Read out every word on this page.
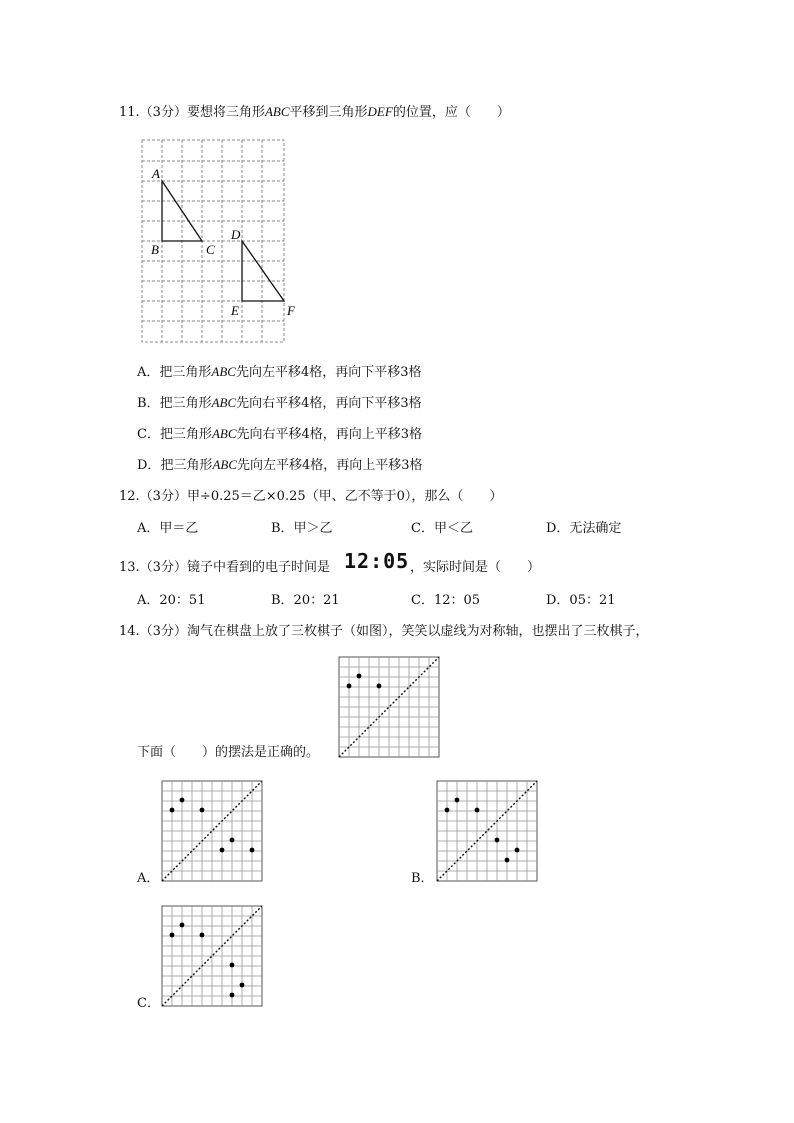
11.（3分）要想将三角形ABC平移到三角形DEF的位置，应（　　）
A
B	C
D
E	F
A．把三角形ABC先向左平移4格，再向下平移3格
B．把三角形ABC先向右平移4格，再向下平移3格
C．把三角形ABC先向右平移4格，再向上平移3格
D．把三角形ABC先向左平移4格，再向上平移3格
12.（3分）甲÷0.25＝乙×0.25（甲、乙不等于0），那么（　　）
A．甲＝乙	B．甲＞乙	C．甲＜乙	D．无法确定
13.（3分）镜子中看到的电子时间是 12:05 ，实际时间是（　　）
A．20：51	B．20：21	C．12：05	D．05：21
14.（3分）淘气在棋盘上放了三枚棋子（如图），笑笑以虚线为对称轴，也摆出了三枚棋子，
下面（　　）的摆法是正确的。
A．	B．
C．
